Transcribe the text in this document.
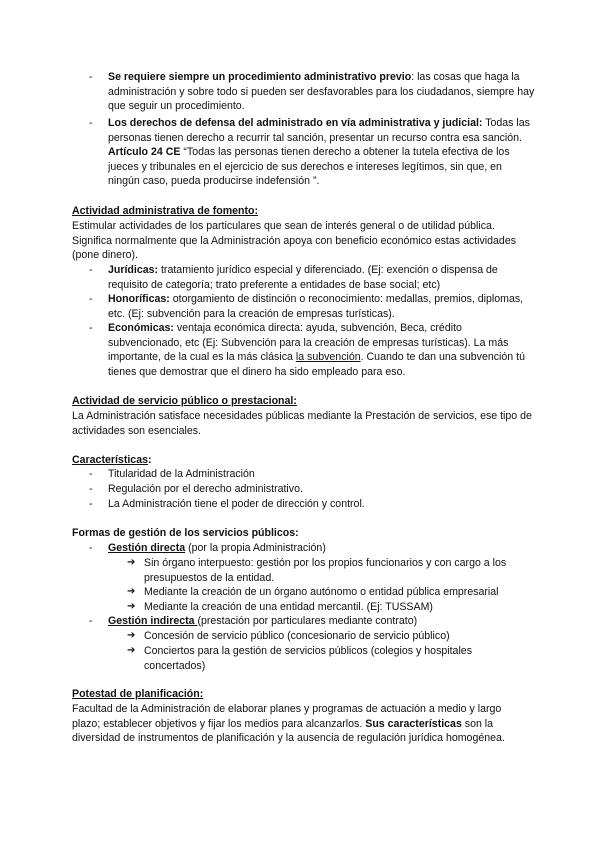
- Se requiere siempre un procedimiento administrativo previo: las cosas que haga la administración y sobre todo si pueden ser desfavorables para los ciudadanos, siempre hay que seguir un procedimiento.
- Los derechos de defensa del administrado en vía administrativa y judicial: Todas las personas tienen derecho a recurrir tal sanción, presentar un recurso contra esa sanción. Artículo 24 CE “Todas las personas tienen derecho a obtener la tutela efectiva de los jueces y tribunales en el ejercicio de sus derechos e intereses legítimos, sin que, en ningún caso, pueda producirse indefensión ”.
Actividad administrativa de fomento:
Estimular actividades de los particulares que sean de interés general o de utilidad pública. Significa normalmente que la Administración apoya con beneficio económico estas actividades (pone dinero).
- Jurídicas: tratamiento jurídico especial y diferenciado. (Ej: exención o dispensa de requisito de categoría; trato preferente a entidades de base social; etc)
- Honoríficas: otorgamiento de distinción o reconocimiento: medallas, premios, diplomas, etc. (Ej: subvención para la creación de empresas turísticas).
- Económicas: ventaja económica directa: ayuda, subvención, Beca, crédito subvencionado, etc (Ej: Subvención para la creación de empresas turísticas). La más importante, de la cual es la más clásica la subvención. Cuando te dan una subvención tú tienes que demostrar que el dinero ha sido empleado para eso.
Actividad de servicio público o prestacional:
La Administración satisface necesidades públicas mediante la Prestación de servicios, ese tipo de actividades son esenciales.
Características:
- Titularidad de la Administración
- Regulación por el derecho administrativo.
- La Administración tiene el poder de dirección y control.
Formas de gestión de los servicios públicos:
- Gestión directa (por la propia Administración)
➔ Sin órgano interpuesto: gestión por los propios funcionarios y con cargo a los presupuestos de la entidad.
➔ Mediante la creación de un órgano autónomo o entidad pública empresarial
➔ Mediante la creación de una entidad mercantil. (Ej: TUSSAM)
- Gestión indirecta (prestación por particulares mediante contrato)
➔ Concesión de servicio público (concesionario de servicio público)
➔ Conciertos para la gestión de servicios públicos (colegios y hospitales concertados)
Potestad de planificación:
Facultad de la Administración de elaborar planes y programas de actuación a medio y largo plazo; establecer objetivos y fijar los medios para alcanzarlos. Sus características son la diversidad de instrumentos de planificación y la ausencia de regulación jurídica homogénea.
